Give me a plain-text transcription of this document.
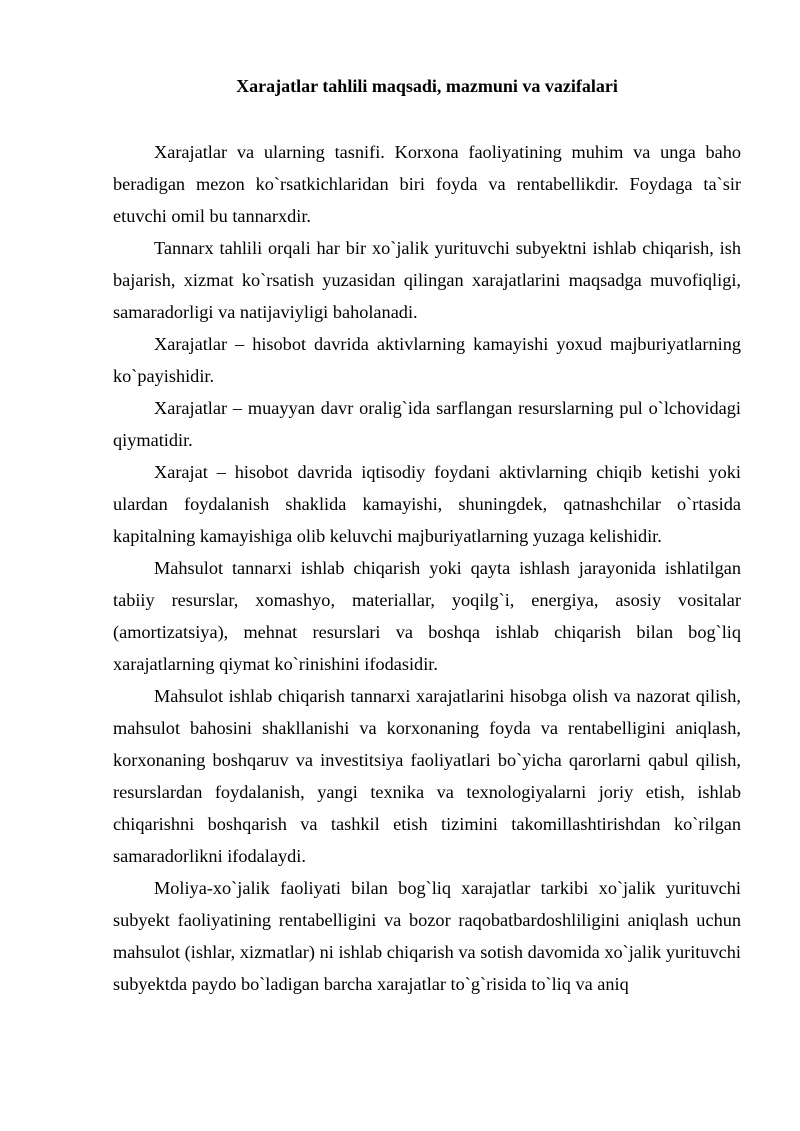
Xarajatlar tahlili maqsadi, mazmuni va vazifalari

Xarajatlar va ularning tasnifi. Korxona faoliyatining muhim va unga baho beradigan mezon ko`rsatkichlaridan biri foyda va rentabellikdir. Foydaga ta`sir etuvchi omil bu tannarxdir.

Tannarx tahlili orqali har bir xo`jalik yurituvchi subyektni ishlab chiqarish, ish bajarish, xizmat ko`rsatish yuzasidan qilingan xarajatlarini maqsadga muvofiqligi, samaradorligi va natijaviyligi baholanadi.

Xarajatlar – hisobot davrida aktivlarning kamayishi yoxud majburiyatlarning ko`payishidir.

Xarajatlar – muayyan davr oralig`ida sarflangan resurslarning pul o`lchovidagi qiymatidir.

Xarajat – hisobot davrida iqtisodiy foydani aktivlarning chiqib ketishi yoki ulardan foydalanish shaklida kamayishi, shuningdek, qatnashchilar o`rtasida kapitalning kamayishiga olib keluvchi majburiyatlarning yuzaga kelishidir.

Mahsulot tannarxi ishlab chiqarish yoki qayta ishlash jarayonida ishlatilgan tabiiy resurslar, xomashyo, materiallar, yoqilg`i, energiya, asosiy vositalar (amortizatsiya), mehnat resurslari va boshqa ishlab chiqarish bilan bog`liq xarajatlarning qiymat ko`rinishini ifodasidir.

Mahsulot ishlab chiqarish tannarxi xarajatlarini hisobga olish va nazorat qilish, mahsulot bahosini shakllanishi va korxonaning foyda va rentabelligini aniqlash, korxonaning boshqaruv va investitsiya faoliyatlari bo`yicha qarorlarni qabul qilish, resurslardan foydalanish, yangi texnika va texnologiyalarni joriy etish, ishlab chiqarishni boshqarish va tashkil etish tizimini takomillashtirishdan ko`rilgan samaradorlikni ifodalaydi.

Moliya-xo`jalik faoliyati bilan bog`liq xarajatlar tarkibi xo`jalik yurituvchi subyekt faoliyatining rentabelligini va bozor raqobatbardoshliligini aniqlash uchun mahsulot (ishlar, xizmatlar) ni ishlab chiqarish va sotish davomida xo`jalik yurituvchi subyektda paydo bo`ladigan barcha xarajatlar to`g`risida to`liq va aniq
